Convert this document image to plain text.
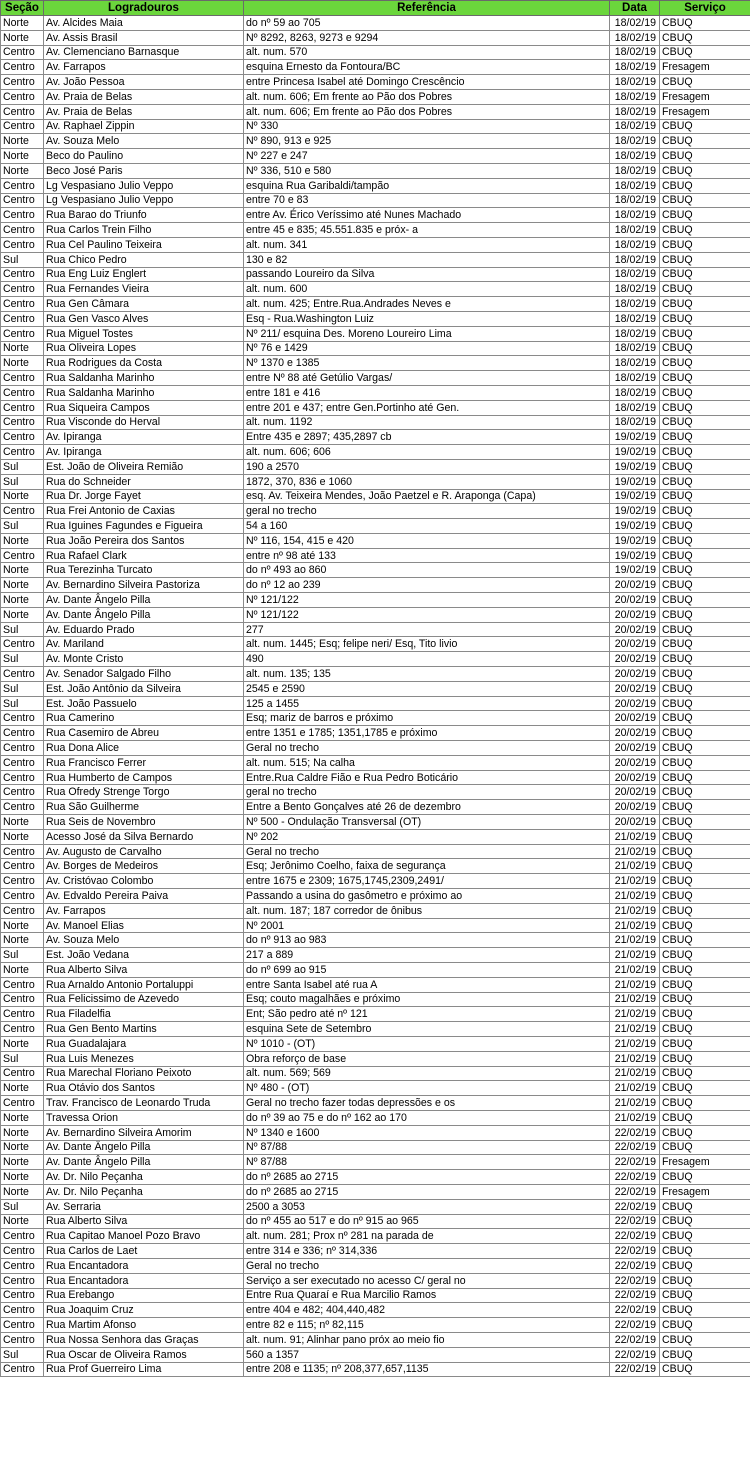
Seção	Logradouros	Referência	Data	Serviço
Norte	Av. Alcides Maia	do nº 59 ao 705	18/02/19	CBUQ
Norte	Av. Assis Brasil	Nº 8292, 8263, 9273 e 9294	18/02/19	CBUQ
Centro	Av. Clemenciano Barnasque	alt. num. 570	18/02/19	CBUQ
Centro	Av. Farrapos	esquina Ernesto da Fontoura/BC	18/02/19	Fresagem
Centro	Av. João Pessoa	entre Princesa Isabel até Domingo Crescêncio	18/02/19	CBUQ
Centro	Av. Praia de Belas	alt. num. 606; Em frente ao Pão dos Pobres	18/02/19	Fresagem
Centro	Av. Praia de Belas	alt. num. 606; Em frente ao Pão dos Pobres	18/02/19	Fresagem
Centro	Av. Raphael Zippin	Nº 330	18/02/19	CBUQ
Norte	Av. Souza Melo	Nº 890, 913 e 925	18/02/19	CBUQ
Norte	Beco do Paulino	Nº 227 e 247	18/02/19	CBUQ
Norte	Beco José Paris	Nº 336, 510 e 580	18/02/19	CBUQ
Centro	Lg Vespasiano Julio Veppo	esquina Rua Garibaldi/tampão	18/02/19	CBUQ
Centro	Lg Vespasiano Julio Veppo	entre 70 e 83	18/02/19	CBUQ
Centro	Rua Barao do Triunfo	entre Av. Érico Veríssimo até Nunes Machado	18/02/19	CBUQ
Centro	Rua Carlos Trein Filho	entre 45 e 835; 45.551.835 e próx- a	18/02/19	CBUQ
Centro	Rua Cel Paulino Teixeira	alt. num. 341	18/02/19	CBUQ
Sul	Rua Chico Pedro	130 e 82	18/02/19	CBUQ
Centro	Rua Eng Luiz Englert	passando Loureiro da Silva	18/02/19	CBUQ
Centro	Rua Fernandes Vieira	alt. num. 600	18/02/19	CBUQ
Centro	Rua Gen Câmara	alt. num. 425; Entre.Rua.Andrades Neves e	18/02/19	CBUQ
Centro	Rua Gen Vasco Alves	Esq - Rua.Washington Luiz	18/02/19	CBUQ
Centro	Rua Miguel Tostes	Nº 211/ esquina Des. Moreno Loureiro Lima	18/02/19	CBUQ
Norte	Rua Oliveira Lopes	Nº 76 e 1429	18/02/19	CBUQ
Norte	Rua Rodrigues da Costa	Nº 1370 e 1385	18/02/19	CBUQ
Centro	Rua Saldanha Marinho	entre Nº 88 até Getúlio Vargas/	18/02/19	CBUQ
Centro	Rua Saldanha Marinho	entre 181 e 416	18/02/19	CBUQ
Centro	Rua Siqueira Campos	entre 201 e 437; entre Gen.Portinho até Gen.	18/02/19	CBUQ
Centro	Rua Visconde do Herval	alt. num. 1192	18/02/19	CBUQ
Centro	Av. Ipiranga	Entre 435 e 2897; 435,2897 cb	19/02/19	CBUQ
Centro	Av. Ipiranga	alt. num. 606; 606	19/02/19	CBUQ
Sul	Est. João de Oliveira Remião	190 a 2570	19/02/19	CBUQ
Sul	Rua do Schneider	1872, 370, 836 e 1060	19/02/19	CBUQ
Norte	Rua Dr. Jorge Fayet	esq. Av. Teixeira Mendes, João Paetzel e R. Araponga (Capa)	19/02/19	CBUQ
Centro	Rua Frei Antonio de Caxias	geral no trecho	19/02/19	CBUQ
Sul	Rua Iguines Fagundes e Figueira	54 a 160	19/02/19	CBUQ
Norte	Rua João Pereira dos Santos	Nº 116, 154, 415 e 420	19/02/19	CBUQ
Centro	Rua Rafael Clark	entre nº 98 até 133	19/02/19	CBUQ
Norte	Rua Terezinha Turcato	do nº 493 ao 860	19/02/19	CBUQ
Norte	Av. Bernardino Silveira Pastoriza	do nº 12 ao 239	20/02/19	CBUQ
Norte	Av. Dante Ângelo Pilla	Nº 121/122	20/02/19	CBUQ
Norte	Av. Dante Ângelo Pilla	Nº 121/122	20/02/19	CBUQ
Sul	Av. Eduardo Prado	277	20/02/19	CBUQ
Centro	Av. Mariland	alt. num. 1445; Esq; felipe neri/ Esq, Tito livio	20/02/19	CBUQ
Sul	Av. Monte Cristo	490	20/02/19	CBUQ
Centro	Av. Senador Salgado Filho	alt. num. 135; 135	20/02/19	CBUQ
Sul	Est. João Antônio da Silveira	2545 e 2590	20/02/19	CBUQ
Sul	Est. João Passuelo	125 a 1455	20/02/19	CBUQ
Centro	Rua Camerino	Esq; mariz de barros e próximo	20/02/19	CBUQ
Centro	Rua Casemiro de Abreu	entre 1351 e 1785; 1351,1785 e próximo	20/02/19	CBUQ
Centro	Rua Dona Alice	Geral no trecho	20/02/19	CBUQ
Centro	Rua Francisco Ferrer	alt. num. 515; Na calha	20/02/19	CBUQ
Centro	Rua Humberto de Campos	Entre.Rua Caldre Fião e Rua Pedro Boticário	20/02/19	CBUQ
Centro	Rua Ofredy Strenge Torgo	geral no trecho	20/02/19	CBUQ
Centro	Rua São Guilherme	Entre a Bento Gonçalves até 26 de dezembro	20/02/19	CBUQ
Norte	Rua Seis de Novembro	Nº 500 - Ondulação Transversal (OT)	20/02/19	CBUQ
Norte	Acesso José da Silva Bernardo	Nº 202	21/02/19	CBUQ
Centro	Av. Augusto de Carvalho	Geral no trecho	21/02/19	CBUQ
Centro	Av. Borges de Medeiros	Esq; Jerônimo Coelho, faixa de segurança	21/02/19	CBUQ
Centro	Av. Cristóvao Colombo	entre 1675 e 2309; 1675,1745,2309,2491/	21/02/19	CBUQ
Centro	Av. Edvaldo Pereira Paiva	Passando a usina do gasômetro e próximo ao	21/02/19	CBUQ
Centro	Av. Farrapos	alt. num. 187; 187 corredor de ônibus	21/02/19	CBUQ
Norte	Av. Manoel Elias	Nº 2001	21/02/19	CBUQ
Norte	Av. Souza Melo	do nº 913 ao 983	21/02/19	CBUQ
Sul	Est. João Vedana	217 a 889	21/02/19	CBUQ
Norte	Rua Alberto Silva	do nº 699 ao 915	21/02/19	CBUQ
Centro	Rua Arnaldo Antonio Portaluppi	entre Santa Isabel até rua A	21/02/19	CBUQ
Centro	Rua Felicissimo de Azevedo	Esq; couto magalhães e próximo	21/02/19	CBUQ
Centro	Rua Filadelfia	Ent; São pedro até nº 121	21/02/19	CBUQ
Centro	Rua Gen Bento Martins	esquina Sete de Setembro	21/02/19	CBUQ
Norte	Rua Guadalajara	Nº 1010 - (OT)	21/02/19	CBUQ
Sul	Rua Luis Menezes	Obra reforço de base	21/02/19	CBUQ
Centro	Rua Marechal Floriano Peixoto	alt. num. 569; 569	21/02/19	CBUQ
Norte	Rua Otávio dos Santos	Nº 480 - (OT)	21/02/19	CBUQ
Centro	Trav. Francisco de Leonardo Truda	Geral no trecho fazer todas depressões e os	21/02/19	CBUQ
Norte	Travessa Orion	do nº 39 ao 75 e do nº 162 ao 170	21/02/19	CBUQ
Norte	Av. Bernardino Silveira Amorim	Nº 1340 e 1600	22/02/19	CBUQ
Norte	Av. Dante Ângelo Pilla	Nº 87/88	22/02/19	CBUQ
Norte	Av. Dante Ângelo Pilla	Nº 87/88	22/02/19	Fresagem
Norte	Av. Dr. Nilo Peçanha	do nº 2685 ao 2715	22/02/19	CBUQ
Norte	Av. Dr. Nilo Peçanha	do nº 2685 ao 2715	22/02/19	Fresagem
Sul	Av. Serraria	2500 a 3053	22/02/19	CBUQ
Norte	Rua Alberto Silva	do nº 455 ao 517 e do nº 915 ao 965	22/02/19	CBUQ
Centro	Rua Capitao Manoel Pozo Bravo	alt. num. 281; Prox nº 281 na parada de	22/02/19	CBUQ
Centro	Rua Carlos de Laet	entre 314 e 336; nº 314,336	22/02/19	CBUQ
Centro	Rua Encantadora	Geral no trecho	22/02/19	CBUQ
Centro	Rua Encantadora	Serviço a ser executado no acesso C/ geral no	22/02/19	CBUQ
Centro	Rua Erebango	Entre Rua Quaraí e Rua Marcilio Ramos	22/02/19	CBUQ
Centro	Rua Joaquim Cruz	entre 404 e 482; 404,440,482	22/02/19	CBUQ
Centro	Rua Martim Afonso	entre 82 e 115; nº 82,115	22/02/19	CBUQ
Centro	Rua Nossa Senhora das Graças	alt. num. 91; Alinhar pano próx ao meio fio	22/02/19	CBUQ
Sul	Rua Oscar de Oliveira Ramos	560 a 1357	22/02/19	CBUQ
Centro	Rua Prof Guerreiro Lima	entre 208 e 1135; nº 208,377,657,1135	22/02/19	CBUQ
